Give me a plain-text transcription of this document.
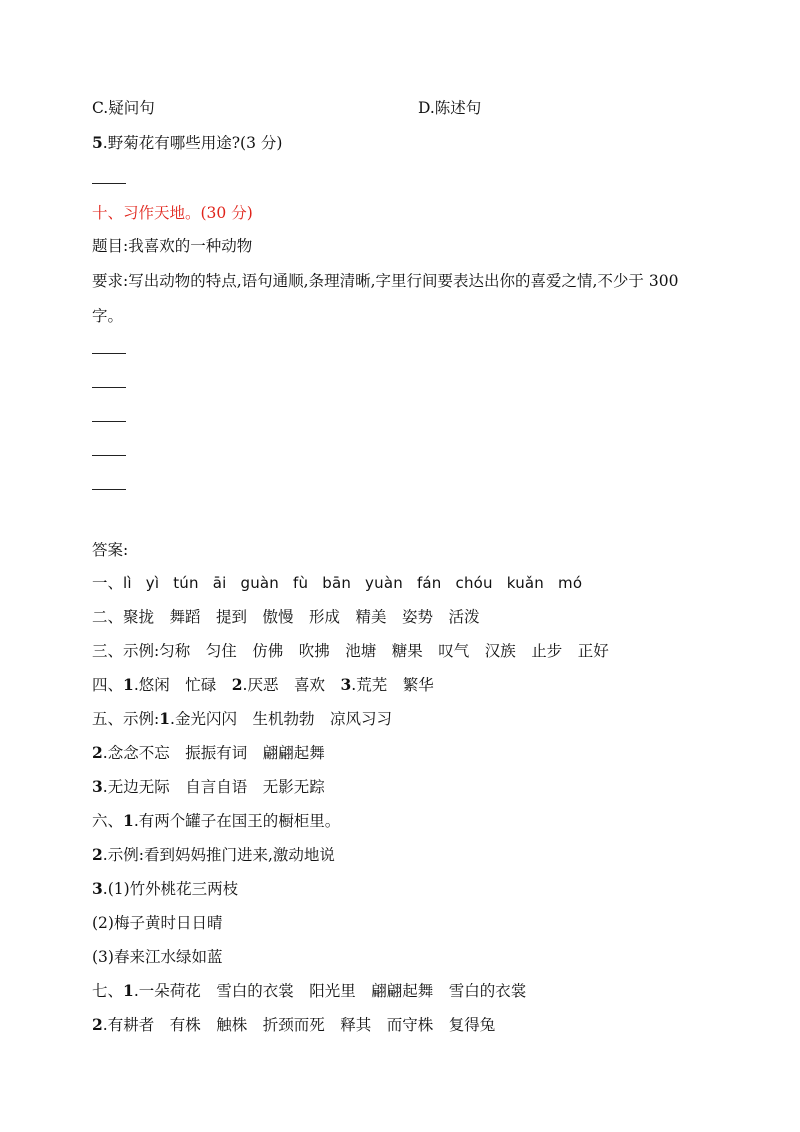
C.疑问句	D.陈述句
5.野菊花有哪些用途?(3 分)
十、习作天地。(30 分)
题目:我喜欢的一种动物
要求:写出动物的特点,语句通顺,条理清晰,字里行间要表达出你的喜爱之情,不少于 300
字。
答案:
一、lì yì tún āi guàn fù bān yuàn fán chóu kuǎn mó
二、聚拢　舞蹈　提到　傲慢　形成　精美　姿势　活泼
三、示例:匀称　匀住　仿佛　吹拂　池塘　糖果　叹气　汉族　止步　正好
四、1.悠闲　忙碌　2.厌恶　喜欢　3.荒芜　繁华
五、示例:1.金光闪闪　生机勃勃　凉风习习
2.念念不忘　振振有词　翩翩起舞
3.无边无际　自言自语　无影无踪
六、1.有两个罐子在国王的橱柜里。
2.示例:看到妈妈推门进来,激动地说
3.(1)竹外桃花三两枝
(2)梅子黄时日日晴
(3)春来江水绿如蓝
七、1.一朵荷花　雪白的衣裳　阳光里　翩翩起舞　雪白的衣裳
2.有耕者　有株　触株　折颈而死　释其　而守株　复得兔
